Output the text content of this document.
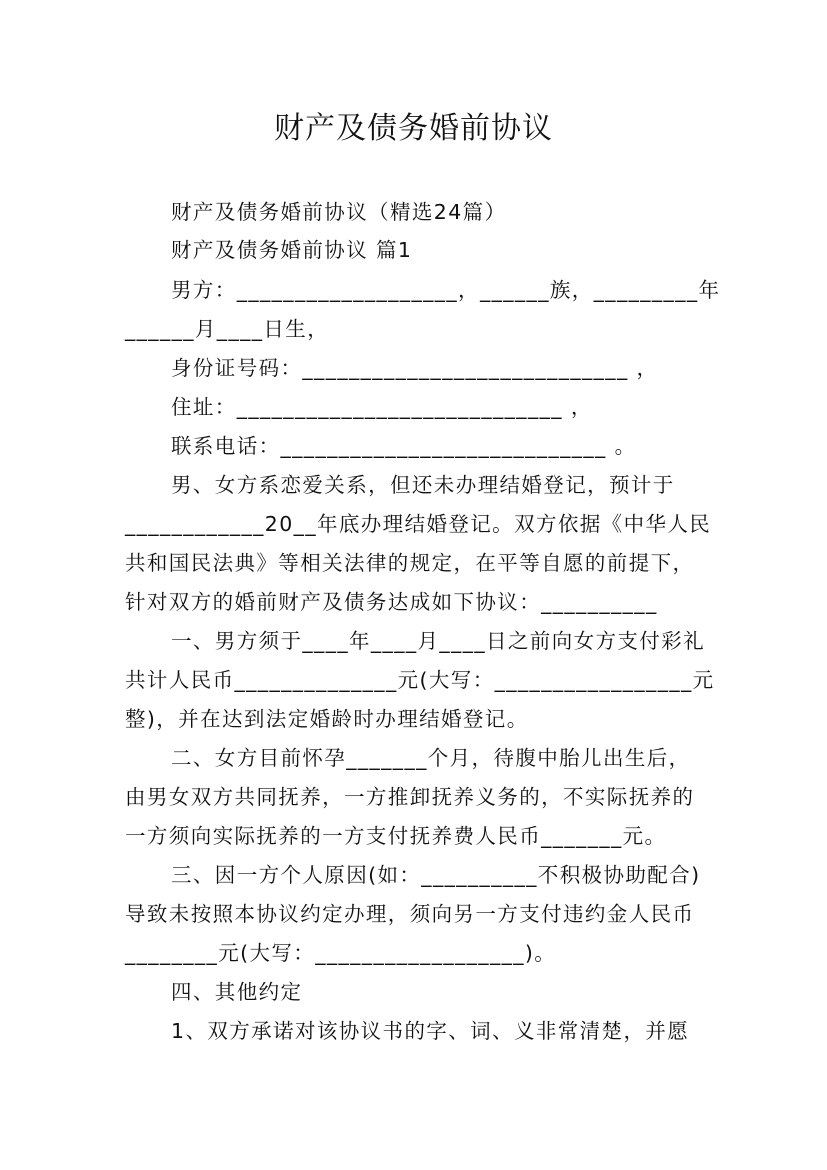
财产及债务婚前协议
财产及债务婚前协议（精选24篇）
财产及债务婚前协议 篇1
男方：___________________，______族，_________年
______月____日生，
身份证号码：____________________________ ，
住址：____________________________ ，
联系电话：____________________________ 。
男、女方系恋爱关系，但还未办理结婚登记，预计于
____________20__年底办理结婚登记。双方依据《中华人民
共和国民法典》等相关法律的规定，在平等自愿的前提下，
针对双方的婚前财产及债务达成如下协议：__________
一、男方须于____年____月____日之前向女方支付彩礼
共计人民币______________元(大写：_________________元
整)，并在达到法定婚龄时办理结婚登记。
二、女方目前怀孕_______个月，待腹中胎儿出生后，
由男女双方共同抚养，一方推卸抚养义务的，不实际抚养的
一方须向实际抚养的一方支付抚养费人民币_______元。
三、因一方个人原因(如：__________不积极协助配合)
导致未按照本协议约定办理，须向另一方支付违约金人民币
________元(大写：__________________)。
四、其他约定
1、双方承诺对该协议书的字、词、义非常清楚，并愿
